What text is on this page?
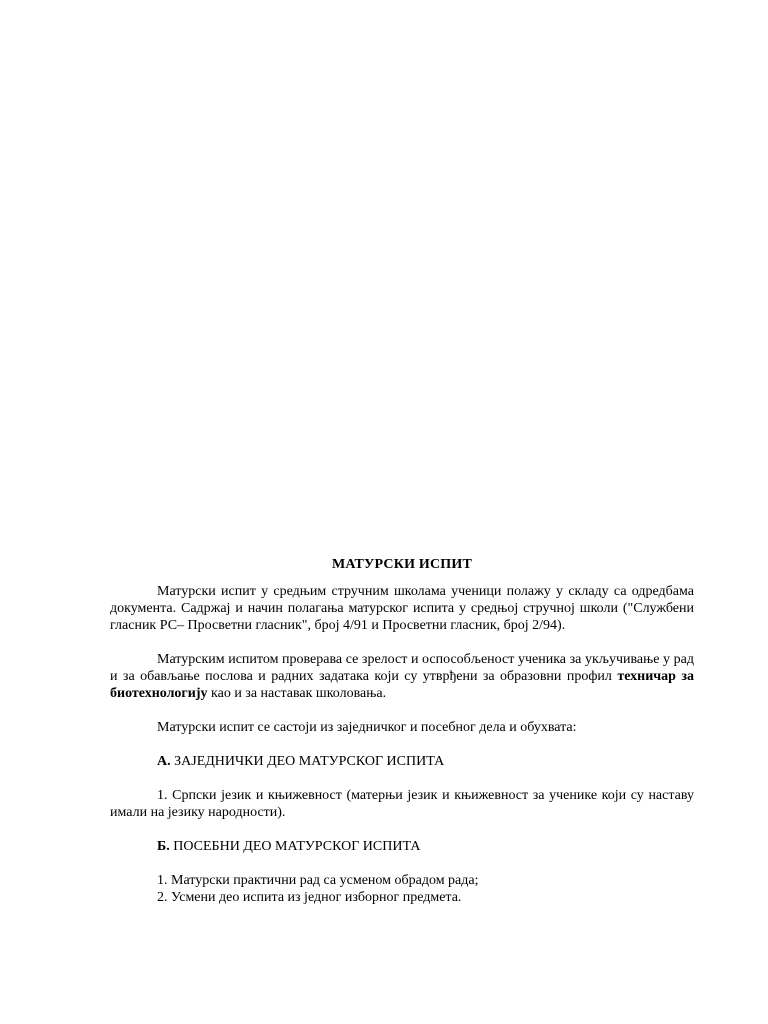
МАТУРСКИ ИСПИТ

Матурски испит у средњим стручним школама ученици полажу у складу са одредбама документа. Садржај и начин полагања матурског испита у средњој стручној школи ("Службени гласник РС– Просветни гласник", број 4/91 и Просветни гласник, број 2/94).

Матурским испитом проверава се зрелост и оспособљеност ученика за укључивање у рад и за обављање послова и радних задатака који су утврђени за образовни профил техничар за биотехнологију као и за наставак школовања.

Матурски испит се састоји из заједничког и посебног дела и обухвата:

А. ЗАЈЕДНИЧКИ ДЕО МАТУРСКОГ ИСПИТА

1. Српски језик и књижевност (матерњи језик и књижевност за ученике који су наставу имали на језику народности).

Б. ПОСЕБНИ ДЕО МАТУРСКОГ ИСПИТА

1. Матурски практични рад са усменом обрадом рада;
2. Усмени део испита из једног изборног предмета.
